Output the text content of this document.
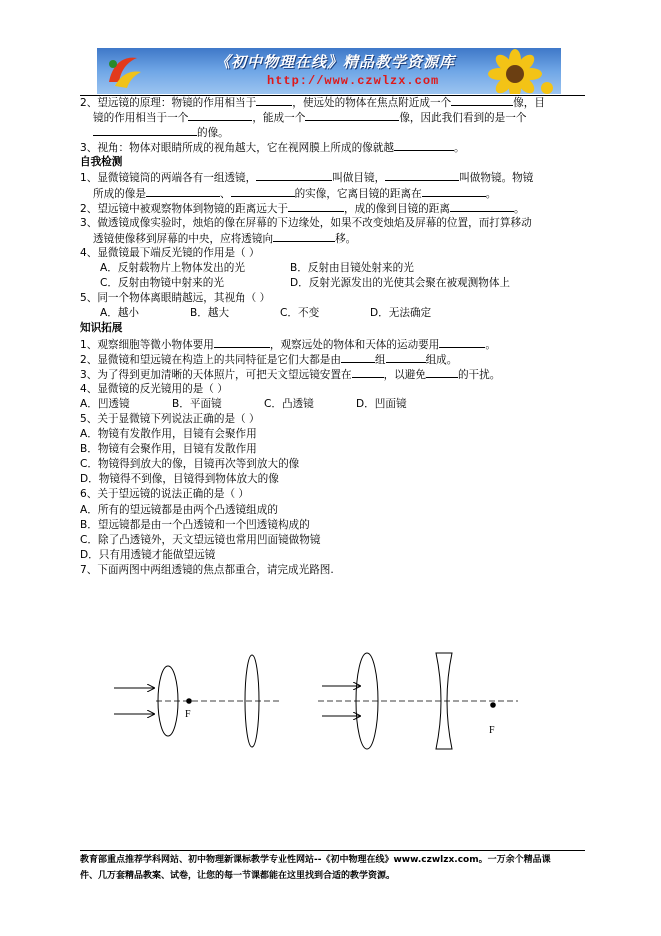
《初中物理在线》精品教学资源库
http://www.czwlzx.com
2、望远镜的原理：物镜的作用相当于	，使远处的物体在焦点附近成一个	像，目
镜的作用相当于一个	，能成一个	像，因此我们看到的是一个
的像。
3、视角：物体对眼睛所成的视角越大，它在视网膜上所成的像就越	。
自我检测
1、显微镜镜筒的两端各有一组透镜，	叫做目镜，	叫做物镜。物镜
所成的像是	、	的实像，它离目镜的距离在	。
2、望远镜中被观察物体到物镜的距离远大于	，成的像到目镜的距离	。
3、做透镜成像实验时，烛焰的像在屏幕的下边缘处，如果不改变烛焰及屏幕的位置，而打算移动
透镜使像移到屏幕的中央，应将透镜向	移。
4、显微镜最下端反光镜的作用是（ ）
A．反射载物片上物体发出的光	B．反射由目镜处射来的光
C．反射由物镜中射来的光	D．反射光源发出的光使其会聚在被观测物体上
5、同一个物体离眼睛越远，其视角（ ）
A．越小	B．越大	C．不变	D．无法确定
知识拓展
1、观察细胞等微小物体要用	，观察远处的物体和天体的运动要用	。
2、显微镜和望远镜在构造上的共同特征是它们大都是由	组	组成。
3、为了得到更加清晰的天体照片，可把天文望远镜安置在	，以避免	的干扰。
4、显微镜的反光镜用的是（ ）
A．凹透镜	B．平面镜	C．凸透镜	D．凹面镜
5、关于显微镜下列说法正确的是（ ）
A．物镜有发散作用，目镜有会聚作用
B．物镜有会聚作用，目镜有发散作用
C．物镜得到放大的像，目镜再次等到放大的像
D．物镜得不到像，目镜得到物体放大的像
6、关于望远镜的说法正确的是（ ）
A．所有的望远镜都是由两个凸透镜组成的
B．望远镜都是由一个凸透镜和一个凹透镜构成的
C．除了凸透镜外，天文望远镜也常用凹面镜做物镜
D．只有用透镜才能做望远镜
7、下面两图中两组透镜的焦点都重合，请完成光路图.
F
F
教育部重点推荐学科网站、初中物理新课标教学专业性网站--《初中物理在线》www.czwlzx.com。一万余个精品课
件、几万套精品教案、试卷，让您的每一节课都能在这里找到合适的教学资源。
